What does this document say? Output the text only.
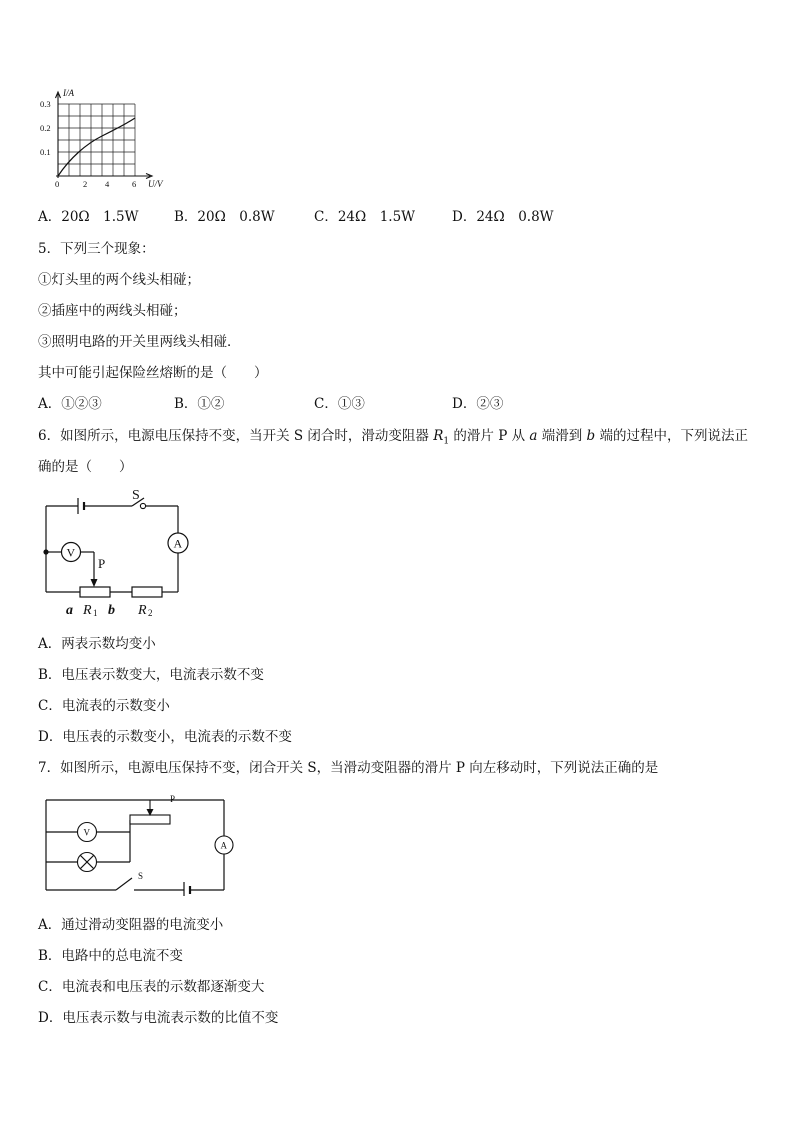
I/A
0.3
0.2
0.1
0	2 4	6 U/V
A．20Ω　1.5W	B．20Ω　0.8W	C．24Ω　1.5W	D．24Ω　0.8W
5．下列三个现象：
①灯头里的两个线头相碰；
②插座中的两线头相碰；
③照明电路的开关里两线头相碰．
其中可能引起保险丝熔断的是（　　）
A．①②③	B．①②	C．①③	D．②③
6．如图所示，电源电压保持不变，当开关 S 闭合时，滑动变阻器 $R_1$ 的滑片 P 从 a 端滑到 b 端的过程中，下列说法正
确的是（　　）
A
V
P
S
a R 1 b R 2
A．两表示数均变小
B．电压表示数变大，电流表示数不变
C．电流表的示数变小
D．电压表的示数变小，电流表的示数不变
7．如图所示，电源电压保持不变，闭合开关 S，当滑动变阻器的滑片 P 向左移动时，下列说法正确的是
P
V
A
S
A．通过滑动变阻器的电流变小
B．电路中的总电流不变
C．电流表和电压表的示数都逐渐变大
D．电压表示数与电流表示数的比值不变
